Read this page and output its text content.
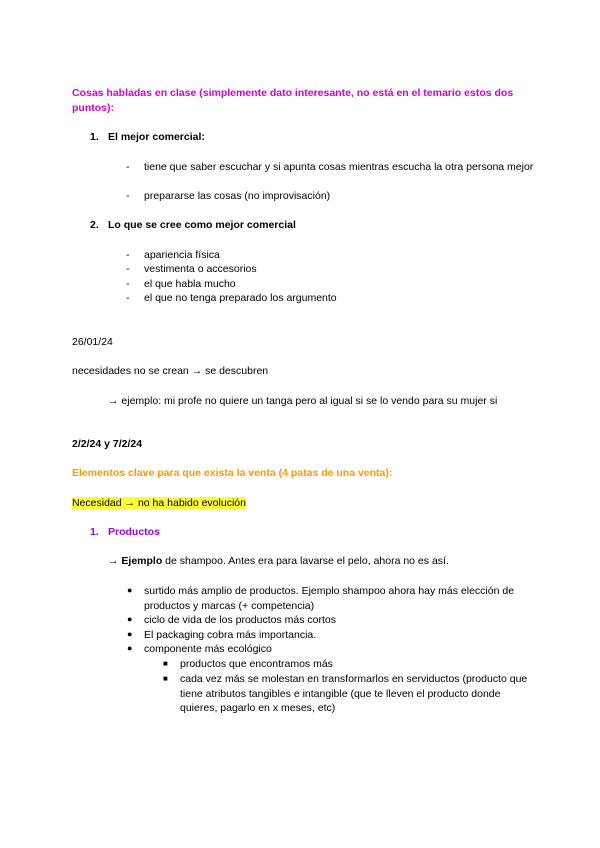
Cosas habladas en clase (simplemente dato interesante, no está en el temario estos dos puntos):
1. El mejor comercial:
- tiene que saber escuchar y si apunta cosas mientras escucha la otra persona mejor
- prepararse las cosas (no improvisación)
2. Lo que se cree como mejor comercial
- apariencia física
- vestimenta o accesorios
- el que habla mucho
- el que no tenga preparado los argumento
26/01/24
necesidades no se crean → se descubren
→ ejemplo: mi profe no quiere un tanga pero al igual si se lo vendo para su mujer si
2/2/24 y 7/2/24
Elementos clave para que exista la venta (4 patas de una venta):
Necesidad → no ha habido evolución
1. Productos
→ Ejemplo de shampoo. Antes era para lavarse el pelo, ahora no es así.
● surtido más amplio de productos. Ejemplo shampoo ahora hay más elección de productos y marcas (+ competencia)
● ciclo de vida de los productos más cortos
● El packaging cobra más importancia.
● componente más ecológico
■ productos que encontramos más
■ cada vez más se molestan en transformarlos en serviductos (producto que tiene atributos tangibles e intangible (que te lleven el producto donde quieres, pagarlo en x meses, etc)
